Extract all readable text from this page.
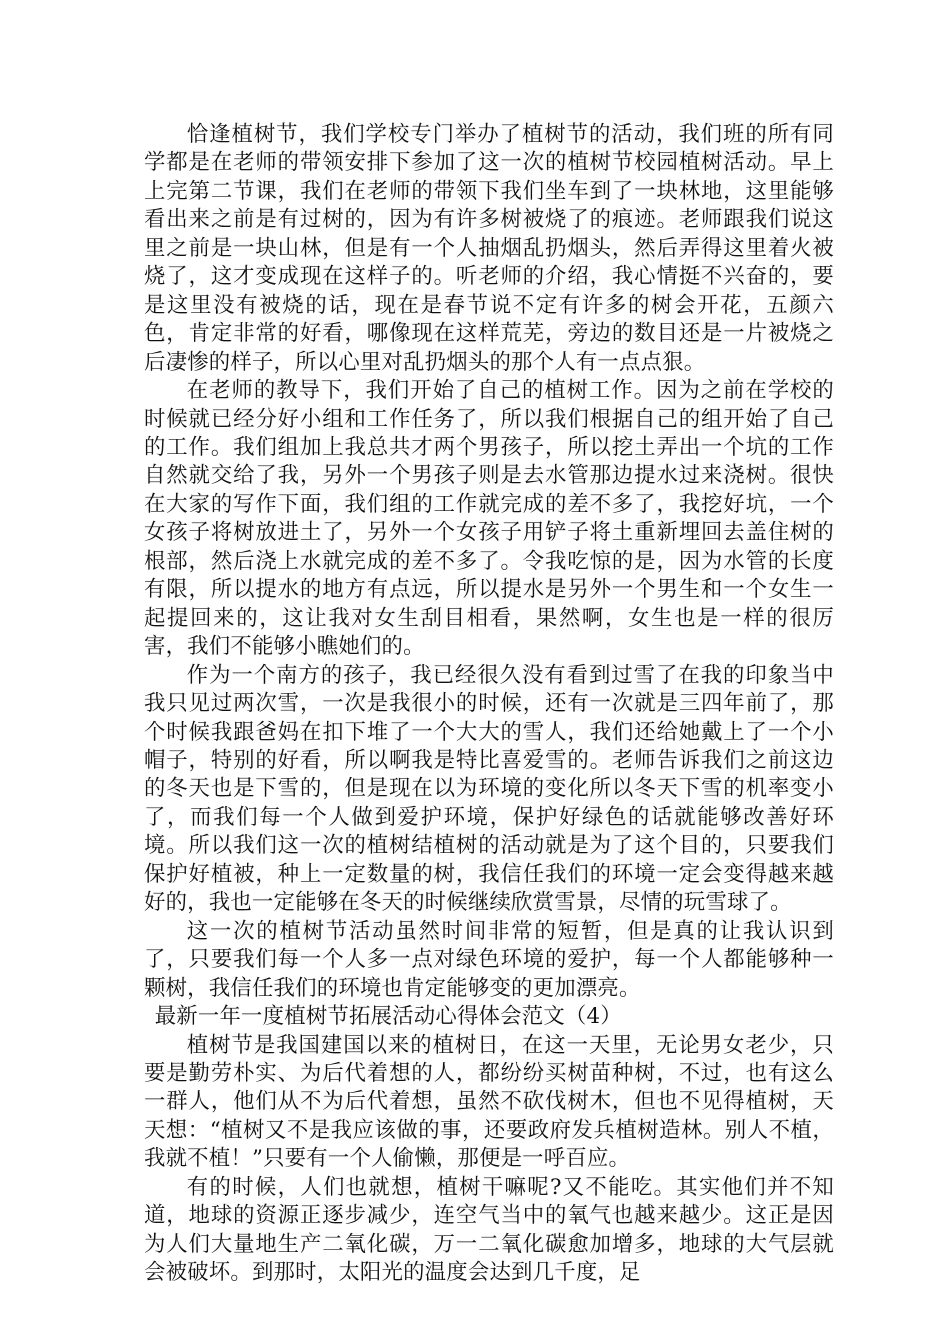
恰逢植树节，我们学校专门举办了植树节的活动，我们班的所有同学都是在老师的带领安排下参加了这一次的植树节校园植树活动。早上上完第二节课，我们在老师的带领下我们坐车到了一块林地，这里能够看出来之前是有过树的，因为有许多树被烧了的痕迹。老师跟我们说这里之前是一块山林，但是有一个人抽烟乱扔烟头，然后弄得这里着火被烧了，这才变成现在这样子的。听老师的介绍，我心情挺不兴奋的，要是这里没有被烧的话，现在是春节说不定有许多的树会开花，五颜六色，肯定非常的好看，哪像现在这样荒芜，旁边的数目还是一片被烧之后凄惨的样子，所以心里对乱扔烟头的那个人有一点点狠。

在老师的教导下，我们开始了自己的植树工作。因为之前在学校的时候就已经分好小组和工作任务了，所以我们根据自己的组开始了自己的工作。我们组加上我总共才两个男孩子，所以挖土弄出一个坑的工作自然就交给了我，另外一个男孩子则是去水管那边提水过来浇树。很快在大家的写作下面，我们组的工作就完成的差不多了，我挖好坑，一个女孩子将树放进土了，另外一个女孩子用铲子将土重新埋回去盖住树的根部，然后浇上水就完成的差不多了。令我吃惊的是，因为水管的长度有限，所以提水的地方有点远，所以提水是另外一个男生和一个女生一起提回来的，这让我对女生刮目相看，果然啊，女生也是一样的很厉害，我们不能够小瞧她们的。

作为一个南方的孩子，我已经很久没有看到过雪了在我的印象当中我只见过两次雪，一次是我很小的时候，还有一次就是三四年前了，那个时候我跟爸妈在扣下堆了一个大大的雪人，我们还给她戴上了一个小帽子，特别的好看，所以啊我是特比喜爱雪的。老师告诉我们之前这边的冬天也是下雪的，但是现在以为环境的变化所以冬天下雪的机率变小了，而我们每一个人做到爱护环境，保护好绿色的话就能够改善好环境。所以我们这一次的植树结植树的活动就是为了这个目的，只要我们保护好植被，种上一定数量的树，我信任我们的环境一定会变得越来越好的，我也一定能够在冬天的时候继续欣赏雪景，尽情的玩雪球了。

这一次的植树节活动虽然时间非常的短暂，但是真的让我认识到了，只要我们每一个人多一点对绿色环境的爱护，每一个人都能够种一颗树，我信任我们的环境也肯定能够变的更加漂亮。

最新一年一度植树节拓展活动心得体会范文（4）

植树节是我国建国以来的植树日，在这一天里，无论男女老少，只要是勤劳朴实、为后代着想的人，都纷纷买树苗种树，不过，也有这么一群人，他们从不为后代着想，虽然不砍伐树木，但也不见得植树，天天想：“植树又不是我应该做的事，还要政府发兵植树造林。别人不植，我就不植！”只要有一个人偷懒，那便是一呼百应。

有的时候，人们也就想，植树干嘛呢?又不能吃。其实他们并不知道，地球的资源正逐步减少，连空气当中的氧气也越来越少。这正是因为人们大量地生产二氧化碳，万一二氧化碳愈加增多，地球的大气层就会被破坏。到那时，太阳光的温度会达到几千度，足
